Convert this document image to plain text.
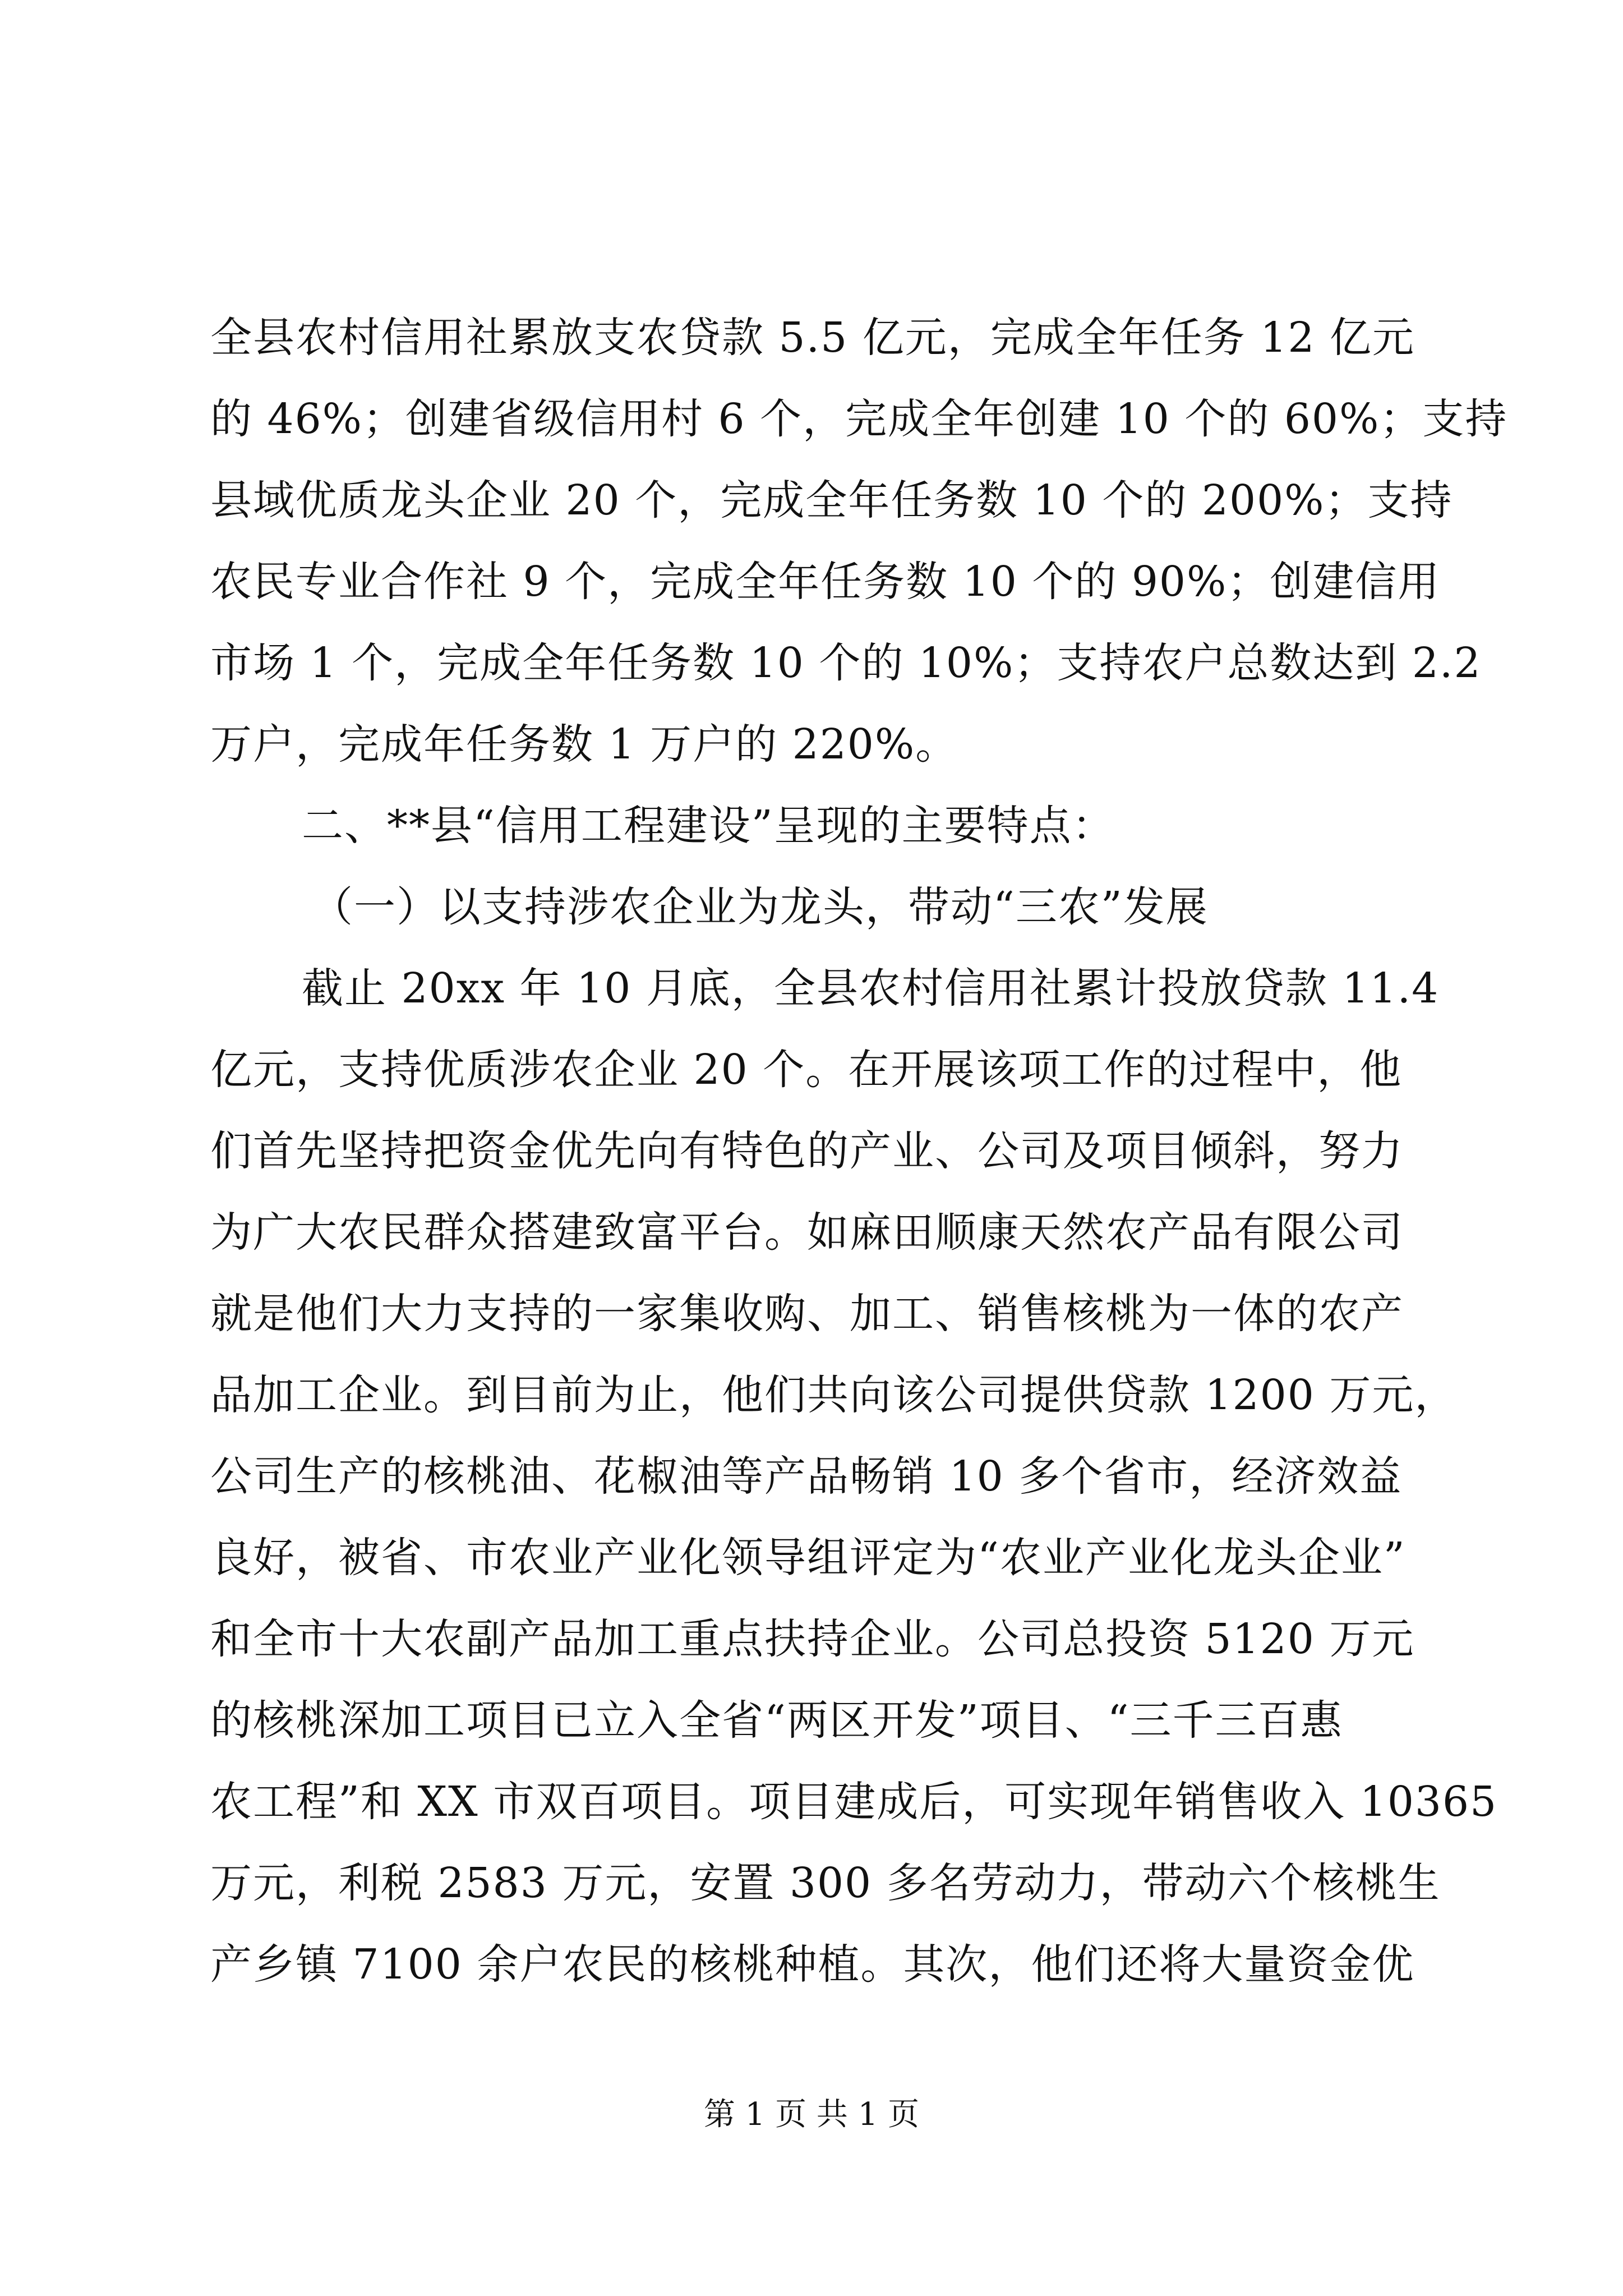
全县农村信用社累放支农贷款 5.5 亿元，完成全年任务 12 亿元
的 46%；创建省级信用村 6 个，完成全年创建 10 个的 60%；支持
县域优质龙头企业 20 个，完成全年任务数 10 个的 200%；支持
农民专业合作社 9 个，完成全年任务数 10 个的 90%；创建信用
市场 1 个，完成全年任务数 10 个的 10%；支持农户总数达到 2.2
万户，完成年任务数 1 万户的 220%。
二、**县“信用工程建设”呈现的主要特点：
（一）以支持涉农企业为龙头，带动“三农”发展
截止 20xx 年 10 月底，全县农村信用社累计投放贷款 11.4
亿元，支持优质涉农企业 20 个。在开展该项工作的过程中，他
们首先坚持把资金优先向有特色的产业、公司及项目倾斜，努力
为广大农民群众搭建致富平台。如麻田顺康天然农产品有限公司
就是他们大力支持的一家集收购、加工、销售核桃为一体的农产
品加工企业。到目前为止，他们共向该公司提供贷款 1200 万元，
公司生产的核桃油、花椒油等产品畅销 10 多个省市，经济效益
良好，被省、市农业产业化领导组评定为“农业产业化龙头企业”
和全市十大农副产品加工重点扶持企业。公司总投资 5120 万元
的核桃深加工项目已立入全省“两区开发”项目、“三千三百惠
农工程”和 XX 市双百项目。项目建成后，可实现年销售收入 10365
万元，利税 2583 万元，安置 300 多名劳动力，带动六个核桃生
产乡镇 7100 余户农民的核桃种植。其次，他们还将大量资金优
第 1 页 共 1 页
